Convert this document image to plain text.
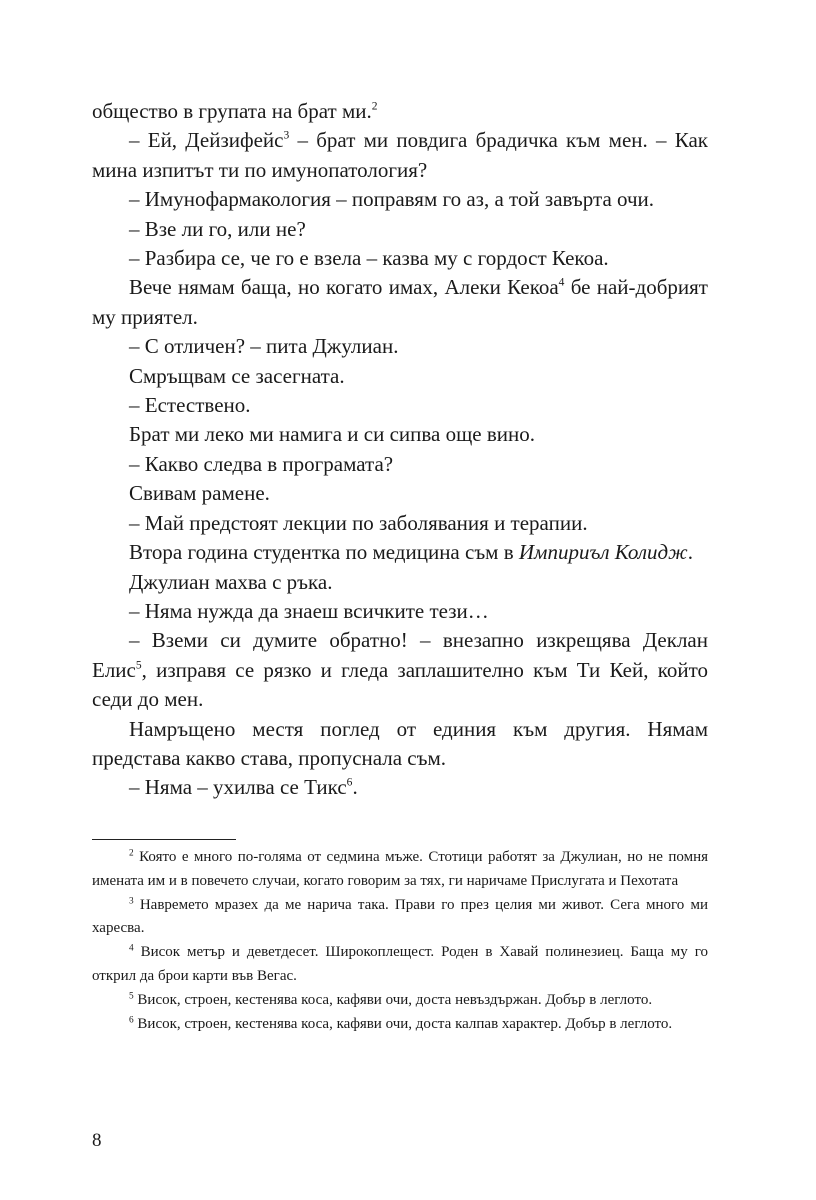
общество в групата на брат ми.$^2$

– Ей, Дейзифейс$^3$ – брат ми повдига брадичка към мен. – Как мина изпитът ти по имунопатология?

– Имунофармакология – поправям го аз, а той завърта очи.

– Взе ли го, или не?

– Разбира се, че го е взела – казва му с гордост Кекоа.

Вече нямам баща, но когато имах, Алеки Кекоа$^4$ бе най-добрият му приятел.

– С отличен? – пита Джулиан.

Смръщвам се засегната.

– Естествено.

Брат ми леко ми намига и си сипва още вино.

– Какво следва в програмата?

Свивам рамене.

– Май предстоят лекции по заболявания и терапии.

Втора година студентка по медицина съм в Импириъл Колидж.

Джулиан махва с ръка.

– Няма нужда да знаеш всичките тези…

– Вземи си думите обратно! – внезапно изкрещява Деклан Елис$^5$, изправя се рязко и гледа заплашително към Ти Кей, който седи до мен.

Намръщено местя поглед от единия към другия. Нямам представа какво става, пропуснала съм.

– Няма – ухилва се Тикс$^6$.

$^2$ Която е много по-голяма от седмина мъже. Стотици работят за Джулиан, но не помня имената им и в повечето случаи, когато говорим за тях, ги наричаме Прислугата и Пехотата

$^3$ Навремето мразех да ме нарича така. Прави го през целия ми живот. Сега много ми харесва.

$^4$ Висок метър и деветдесет. Широкоплещест. Роден в Хавай полинезиец. Баща му го открил да брои карти във Вегас.

$^5$ Висок, строен, кестенява коса, кафяви очи, доста невъздържан. Добър в леглото.

$^6$ Висок, строен, кестенява коса, кафяви очи, доста калпав характер. Добър в леглото.

8
